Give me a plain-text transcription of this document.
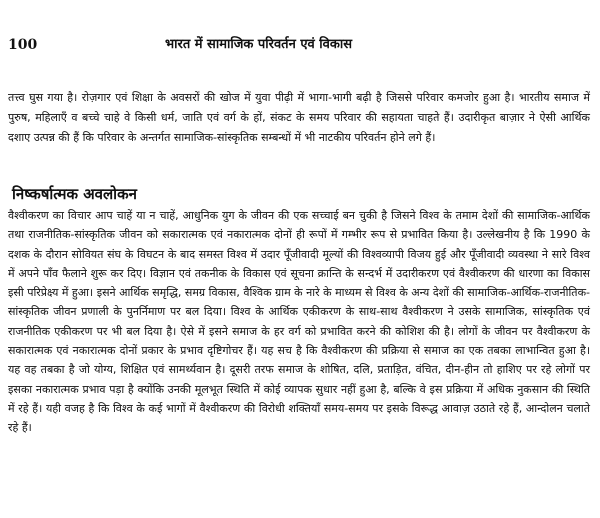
100	भारत में सामाजिक परिवर्तन एवं विकास

तत्त्व घुस गया है। रोज़गार एवं शिक्षा के अवसरों की खोज में युवा पीढ़ी में भागा-भागी बढ़ी है जिससे परिवार कमजोर हुआ है। भारतीय समाज में पुरुष, महिलाएँ व बच्चे चाहे वे किसी धर्म, जाति एवं वर्ग के हों, संकट के समय परिवार की सहायता चाहते हैं। उदारीकृत बाज़ार ने ऐसी आर्थिक दशाए उत्पन्न की हैं कि परिवार के अन्तर्गत सामाजिक-सांस्कृतिक सम्बन्धों में भी नाटकीय परिवर्तन होने लगे हैं।

निष्कर्षात्मक अवलोकन

वैश्वीकरण का विचार आप चाहें या न चाहें, आधुनिक युग के जीवन की एक सच्चाई बन चुकी है जिसने विश्व के तमाम देशों की सामाजिक-आर्थिक तथा राजनीतिक-सांस्कृतिक जीवन को सकारात्मक एवं नकारात्मक दोनों ही रूपों में गम्भीर रूप से प्रभावित किया है। उल्लेखनीय है कि 1990 के दशक के दौरान सोवियत संघ के विघटन के बाद समस्त विश्व में उदार पूँजीवादी मूल्यों की विश्वव्यापी विजय हुई और पूँजीवादी व्यवस्था ने सारे विश्व में अपने पाँव फैलाने शुरू कर दिए। विज्ञान एवं तकनीक के विकास एवं सूचना क्रान्ति के सन्दर्भ में उदारीकरण एवं वैश्वीकरण की धारणा का विकास इसी परिप्रेक्ष्य में हुआ। इसने आर्थिक समृद्धि, समग्र विकास, वैश्विक ग्राम के नारे के माध्यम से विश्व के अन्य देशों की सामाजिक-आर्थिक-राजनीतिक-सांस्कृतिक जीवन प्रणाली के पुनर्निमाण पर बल दिया। विश्व के आर्थिक एकीकरण के साथ-साथ वैश्वीकरण ने उसके सामाजिक, सांस्कृतिक एवं राजनीतिक एकीकरण पर भी बल दिया है। ऐसे में इसने समाज के हर वर्ग को प्रभावित करने की कोशिश की है। लोगों के जीवन पर वैश्वीकरण के सकारात्मक एवं नकारात्मक दोनों प्रकार के प्रभाव दृष्टिगोचर हैं। यह सच है कि वैश्वीकरण की प्रक्रिया से समाज का एक तबका लाभान्वित हुआ है। यह वह तबका है जो योग्य, शिक्षित एवं सामर्थ्यवान है। दूसरी तरफ समाज के शोषित, दलि, प्रताड़ित, वंचित, दीन-हीन तो हाशिए पर रहे लोगों पर इसका नकारात्मक प्रभाव पड़ा है क्योंकि उनकी मूलभूत स्थिति में कोई व्यापक सुधार नहीं हुआ है, बल्कि वे इस प्रक्रिया में अधिक नुकसान की स्थिति में रहे हैं। यही वजह है कि विश्व के कई भागों में वैश्वीकरण की विरोधी शक्तियाँ समय-समय पर इसके विरूद्ध आवाज़ उठाते रहे हैं, आन्दोलन चलाते रहे हैं।
